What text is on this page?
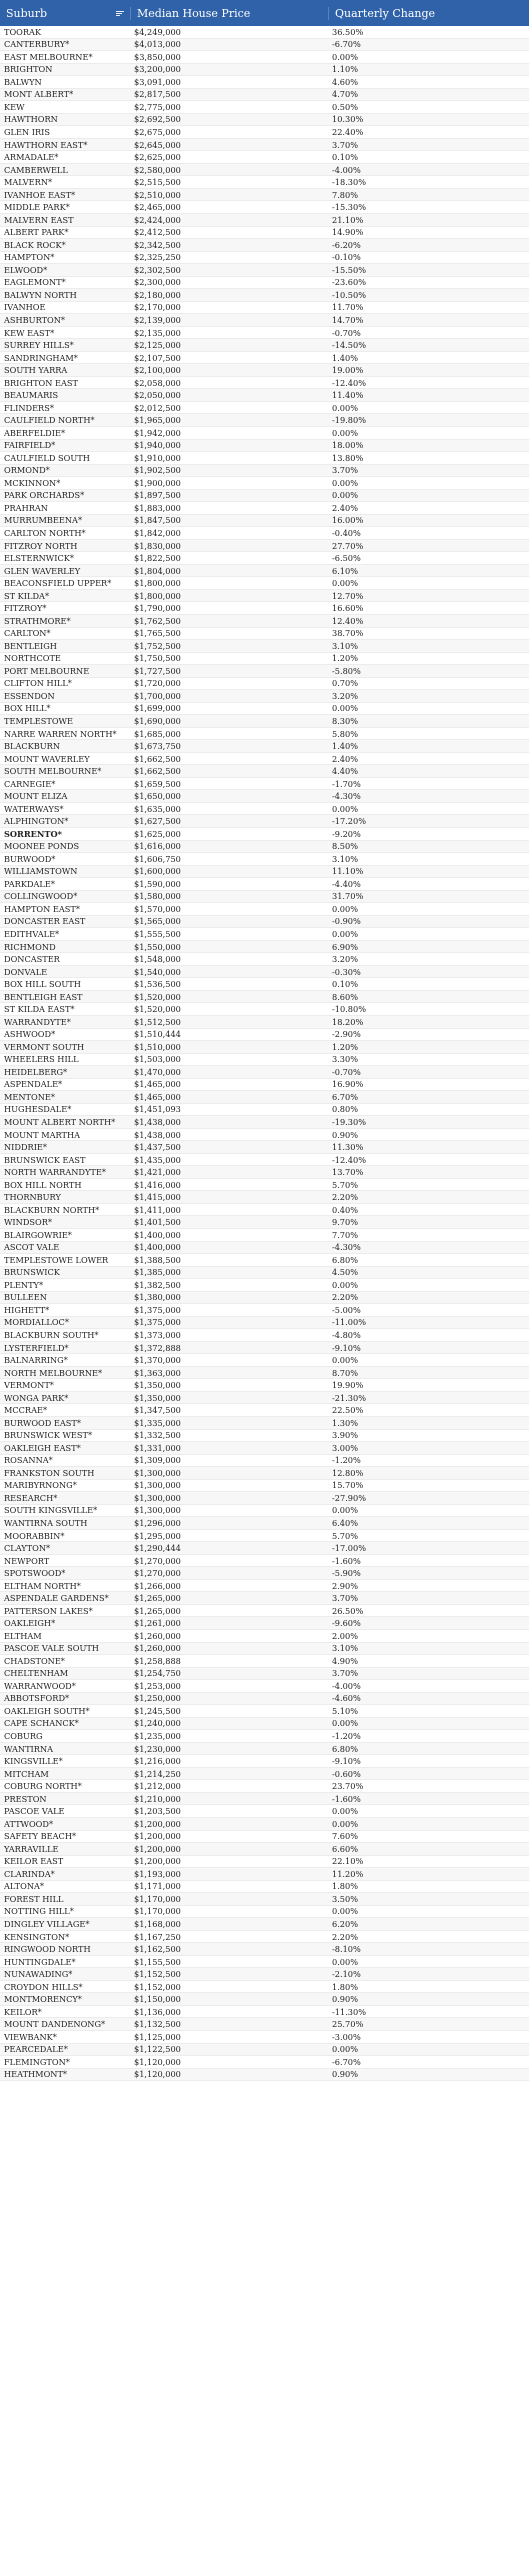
Suburb	Median House Price	Quarterly Change
TOORAK	$4,249,000	36.50%
CANTERBURY*	$4,013,000	-6.70%
EAST MELBOURNE*	$3,850,000	0.00%
BRIGHTON	$3,200,000	1.10%
BALWYN	$3,091,000	4.60%
MONT ALBERT*	$2,817,500	4.70%
KEW	$2,775,000	0.50%
HAWTHORN	$2,692,500	10.30%
GLEN IRIS	$2,675,000	22.40%
HAWTHORN EAST*	$2,645,000	3.70%
ARMADALE*	$2,625,000	0.10%
CAMBERWELL	$2,580,000	-4.00%
MALVERN*	$2,515,500	-18.30%
IVANHOE EAST*	$2,510,000	7.80%
MIDDLE PARK*	$2,465,000	-15.30%
MALVERN EAST	$2,424,000	21.10%
ALBERT PARK*	$2,412,500	14.90%
BLACK ROCK*	$2,342,500	-6.20%
HAMPTON*	$2,325,250	-0.10%
ELWOOD*	$2,302,500	-15.50%
EAGLEMONT*	$2,300,000	-23.60%
BALWYN NORTH	$2,180,000	-10.50%
IVANHOE	$2,170,000	11.70%
ASHBURTON*	$2,139,000	14.70%
KEW EAST*	$2,135,000	-0.70%
SURREY HILLS*	$2,125,000	-14.50%
SANDRINGHAM*	$2,107,500	1.40%
SOUTH YARRA	$2,100,000	19.00%
BRIGHTON EAST	$2,058,000	-12.40%
BEAUMARIS	$2,050,000	11.40%
FLINDERS*	$2,012,500	0.00%
CAULFIELD NORTH*	$1,965,000	-19.80%
ABERFELDIE*	$1,942,000	0.00%
FAIRFIELD*	$1,940,000	18.00%
CAULFIELD SOUTH	$1,910,000	13.80%
ORMOND*	$1,902,500	3.70%
MCKINNON*	$1,900,000	0.00%
PARK ORCHARDS*	$1,897,500	0.00%
PRAHRAN	$1,883,000	2.40%
MURRUMBEENA*	$1,847,500	16.00%
CARLTON NORTH*	$1,842,000	-0.40%
FITZROY NORTH	$1,830,000	27.70%
ELSTERNWICK*	$1,822,500	-6.50%
GLEN WAVERLEY	$1,804,000	6.10%
BEACONSFIELD UPPER*	$1,800,000	0.00%
ST KILDA*	$1,800,000	12.70%
FITZROY*	$1,790,000	16.60%
STRATHMORE*	$1,762,500	12.40%
CARLTON*	$1,765,500	38.70%
BENTLEIGH	$1,752,500	3.10%
NORTHCOTE	$1,750,500	1.20%
PORT MELBOURNE	$1,727,500	-5.80%
CLIFTON HILL*	$1,720,000	0.70%
ESSENDON	$1,700,000	3.20%
BOX HILL*	$1,699,000	0.00%
TEMPLESTOWE	$1,690,000	8.30%
NARRE WARREN NORTH*	$1,685,000	5.80%
BLACKBURN	$1,673,750	1.40%
MOUNT WAVERLEY	$1,662,500	2.40%
SOUTH MELBOURNE*	$1,662,500	4.40%
CARNEGIE*	$1,659,500	-1.70%
MOUNT ELIZA	$1,650,000	-4.30%
WATERWAYS*	$1,635,000	0.00%
ALPHINGTON*	$1,627,500	-17.20%
SORRENTO*	$1,625,000	-9.20%
MOONEE PONDS	$1,616,000	8.50%
BURWOOD*	$1,606,750	3.10%
WILLIAMSTOWN	$1,600,000	11.10%
PARKDALE*	$1,590,000	-4.40%
COLLINGWOOD*	$1,580,000	31.70%
HAMPTON EAST*	$1,570,000	0.00%
DONCASTER EAST	$1,565,000	-0.90%
EDITHVALE*	$1,555,500	0.00%
RICHMOND	$1,550,000	6.90%
DONCASTER	$1,548,000	3.20%
DONVALE	$1,540,000	-0.30%
BOX HILL SOUTH	$1,536,500	0.10%
BENTLEIGH EAST	$1,520,000	8.60%
ST KILDA EAST*	$1,520,000	-10.80%
WARRANDYTE*	$1,512,500	18.20%
ASHWOOD*	$1,510,444	-2.90%
VERMONT SOUTH	$1,510,000	1.20%
WHEELERS HILL	$1,503,000	3.30%
HEIDELBERG*	$1,470,000	-0.70%
ASPENDALE*	$1,465,000	16.90%
MENTONE*	$1,465,000	6.70%
HUGHESDALE*	$1,451,093	0.80%
MOUNT ALBERT NORTH*	$1,438,000	-19.30%
MOUNT MARTHA	$1,438,000	0.90%
NIDDRIE*	$1,437,500	11.30%
BRUNSWICK EAST	$1,435,000	-12.40%
NORTH WARRANDYTE*	$1,421,000	13.70%
BOX HILL NORTH	$1,416,000	5.70%
THORNBURY	$1,415,000	2.20%
BLACKBURN NORTH*	$1,411,000	0.40%
WINDSOR*	$1,401,500	9.70%
BLAIRGOWRIE*	$1,400,000	7.70%
ASCOT VALE	$1,400,000	-4.30%
TEMPLESTOWE LOWER	$1,388,500	6.80%
BRUNSWICK	$1,385,000	4.50%
PLENTY*	$1,382,500	0.00%
BULLEEN	$1,380,000	2.20%
HIGHETT*	$1,375,000	-5.00%
MORDIALLOC*	$1,375,000	-11.00%
BLACKBURN SOUTH*	$1,373,000	-4.80%
LYSTERFIELD*	$1,372,888	-9.10%
BALNARRING*	$1,370,000	0.00%
NORTH MELBOURNE*	$1,363,000	8.70%
VERMONT*	$1,350,000	19.90%
WONGA PARK*	$1,350,000	-21.30%
MCCRAE*	$1,347,500	22.50%
BURWOOD EAST*	$1,335,000	1.30%
BRUNSWICK WEST*	$1,332,500	3.90%
OAKLEIGH EAST*	$1,331,000	3.00%
ROSANNA*	$1,309,000	-1.20%
FRANKSTON SOUTH	$1,300,000	12.80%
MARIBYRNONG*	$1,300,000	15.70%
RESEARCH*	$1,300,000	-27.90%
SOUTH KINGSVILLE*	$1,300,000	0.00%
WANTIRNA SOUTH	$1,296,000	6.40%
MOORABBIN*	$1,295,000	5.70%
CLAYTON*	$1,290,444	-17.00%
NEWPORT	$1,270,000	-1.60%
SPOTSWOOD*	$1,270,000	-5.90%
ELTHAM NORTH*	$1,266,000	2.90%
ASPENDALE GARDENS*	$1,265,000	3.70%
PATTERSON LAKES*	$1,265,000	26.50%
OAKLEIGH*	$1,261,000	-9.60%
ELTHAM	$1,260,000	2.00%
PASCOE VALE SOUTH	$1,260,000	3.10%
CHADSTONE*	$1,258,888	4.90%
CHELTENHAM	$1,254,750	3.70%
WARRANWOOD*	$1,253,000	-4.00%
ABBOTSFORD*	$1,250,000	-4.60%
OAKLEIGH SOUTH*	$1,245,500	5.10%
CAPE SCHANCK*	$1,240,000	0.00%
COBURG	$1,235,000	-1.20%
WANTIRNA	$1,230,000	6.80%
KINGSVILLE*	$1,216,000	-9.10%
MITCHAM	$1,214,250	-0.60%
COBURG NORTH*	$1,212,000	23.70%
PRESTON	$1,210,000	-1.60%
PASCOE VALE	$1,203,500	0.00%
ATTWOOD*	$1,200,000	0.00%
SAFETY BEACH*	$1,200,000	7.60%
YARRAVILLE	$1,200,000	6.60%
KEILOR EAST	$1,200,000	22.10%
CLARINDA*	$1,193,000	11.20%
ALTONA*	$1,171,000	1.80%
FOREST HILL	$1,170,000	3.50%
NOTTING HILL*	$1,170,000	0.00%
DINGLEY VILLAGE*	$1,168,000	6.20%
KENSINGTON*	$1,167,250	2.20%
RINGWOOD NORTH	$1,162,500	-8.10%
HUNTINGDALE*	$1,155,500	0.00%
NUNAWADING*	$1,152,500	-2.10%
CROYDON HILLS*	$1,152,000	1.80%
MONTMORENCY*	$1,150,000	0.90%
KEILOR*	$1,136,000	-11.30%
MOUNT DANDENONG*	$1,132,500	25.70%
VIEWBANK*	$1,125,000	-3.00%
PEARCEDALE*	$1,122,500	0.00%
FLEMINGTON*	$1,120,000	-6.70%
HEATHMONT*	$1,120,000	0.90%
